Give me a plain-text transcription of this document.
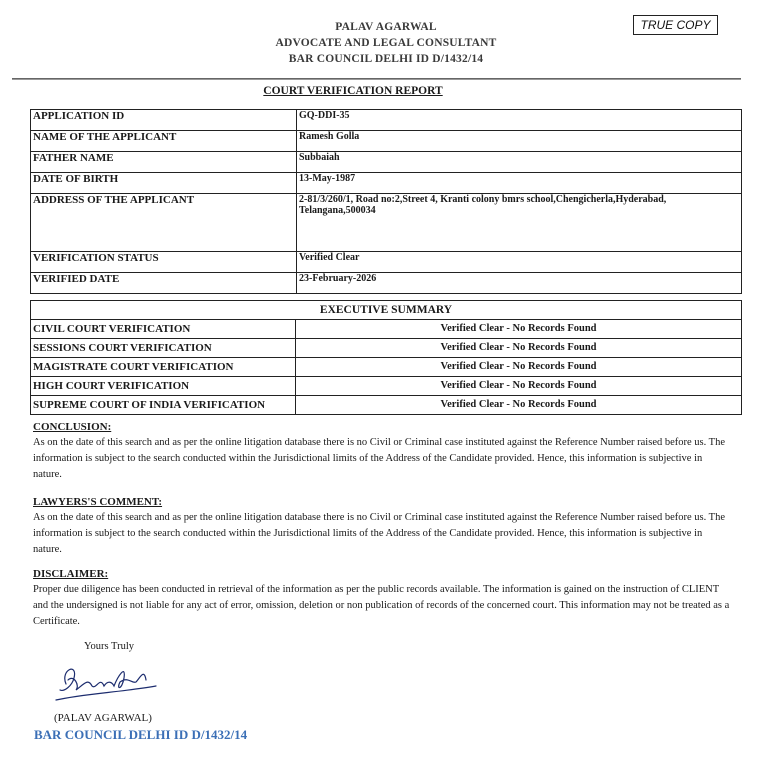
TRUE COPY
PALAV AGARWAL
ADVOCATE AND LEGAL CONSULTANT
BAR COUNCIL DELHI ID D/1432/14
COURT VERIFICATION REPORT
APPLICATION ID	GQ-DDI-35
NAME OF THE APPLICANT	Ramesh Golla
FATHER NAME	Subbaiah
DATE OF BIRTH	13-May-1987
ADDRESS OF THE APPLICANT	2-81/3/260/1, Road no:2,Street 4, Kranti colony bmrs school,Chengicherla,Hyderabad, Telangana,500034
VERIFICATION STATUS	Verified Clear
VERIFIED DATE	23-February-2026
EXECUTIVE SUMMARY	
CIVIL COURT VERIFICATION	Verified Clear - No Records Found
SESSIONS COURT VERIFICATION	Verified Clear - No Records Found
MAGISTRATE COURT VERIFICATION	Verified Clear - No Records Found
HIGH COURT VERIFICATION	Verified Clear - No Records Found
SUPREME COURT OF INDIA VERIFICATION	Verified Clear - No Records Found
CONCLUSION:
As on the date of this search and as per the online litigation database there is no Civil or Criminal case instituted against the Reference Number raised before us. The information is subject to the search conducted within the Jurisdictional limits of the Address of the Candidate provided. Hence, this information is subjective in nature.
LAWYERS'S COMMENT:
As on the date of this search and as per the online litigation database there is no Civil or Criminal case instituted against the Reference Number raised before us. The information is subject to the search conducted within the Jurisdictional limits of the Address of the Candidate provided. Hence, this information is subjective in nature.
DISCLAIMER:
Proper due diligence has been conducted in retrieval of the information as per the public records available. The information is gained on the instruction of CLIENT and the undersigned is not liable for any act of error, omission, deletion or non publication of records of the concerned court. This information may not be treated as a Certificate.
Yours Truly
(PALAV AGARWAL)
BAR COUNCIL DELHI ID D/1432/14
